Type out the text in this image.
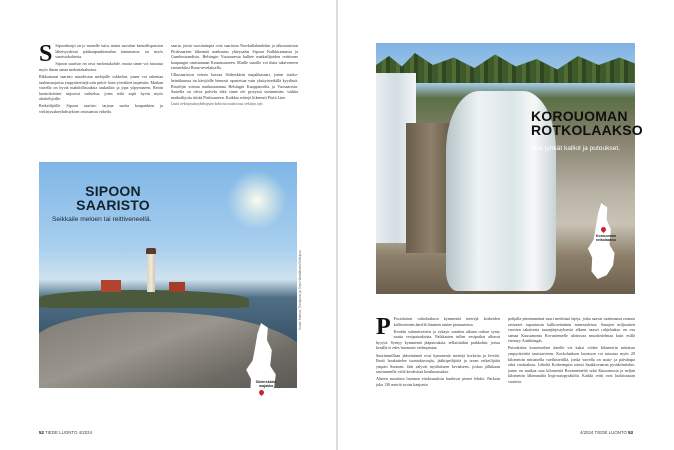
S Sipoonkorpi on jo monelle tuttu, mutta suositun kansallispuiston läheisyydessä pääkaupunkiseudun tuntumassa on myös saaristokohteita.

Sipoon saaristo on oiva melontakohde, mutta sinne voi tutustua myös ilman omaa melontakalustoa.

Bikkomaan saaristo muodostaa melojalle sokkelon, jonne voi rakentaa tuulensuojaisia ympyräreittejä niin päivä- kuin yöretkien tarpeisiin. Matkan varrella on hyviä mahdollisuuksia taukoihin ja jopa yöpymiseen. Reitin luontokohteet tarjoavat vaihtelua, joten retki sopii hyvin myös aloittelijoille.

Retkeilijöille Sipoon saaristo tarjoaa useita kaupunkien ja virkistysalueyhdistyksen omistamia virkeilu

saaria, joista suosituimpia ovat saariston Norrkullalandettin ja ulkosaariston Pirttisaareen liikennöi matkustus yhteysalus Sipoon Kalkkirannasta ja Gumbostrandista. Helsingin Vuosaaresta kulkee matkailijoiden reittivene kaupungin omistamaan Kaunissaareen. Muille saarille voi tilata taksiveneen esimerkiksi Bouz-sevelaksella.

Ulkosaariston veteen kasvaa Söderskärin majakkasaari, jonne tosiko- heinäkuussa on kävijöille hienosti opastettua vain yksityisretkillä kyydissä. Ristelijät voimia matkustaianna Helsingin Kauppatorilta ja Vuosaaresta. Saarella on oleva palvelu eikä sinne ole pystyssä useimmiten, vaikka matkailijoita riittää Pirttisaareen. Kaikkia reittejä liikennöi Pörtö Line.

Lisää virkistysalueyhdistysten kohteita osoitteessa virkistys.info

SIPOON SAARISTO
Seikkaile meloen tai reittiveneellä.
Söderskärin majakka
Kuvat: Markus Thompson ja Timo Hämäläinen/Visitsipoo
52 TIEDE LUONTO 4/2024
KOROUOMAN ROTKOLAAKSO
Näe jyhkät kalliot ja putoukset.
Korouoman rotkolaakso

P Posiolaisen rotkolaakson kymmeniä metrejä korkeiden kallioseinien äärellä ihminen tuntee pienuutensa.

Kevään sulamisvesien ja sykayn santtien aikaan rotkon synty saatta vesiputouksista. Paikkasten tullen vesiputkat alkavat hyytyä. Syntyy kymmeniä jääputouksia, sellaisiinkin paikkohin, joissa kesällä ei edes huomaisi vedenpintaa.

Suurimmillaan jääseinämät ovat kymmeniä metrejä korkeita ja leveitä. Ilmiö houkuttelee tuontokuvaajia, jääkiipeilijöitä ja tavan retkeilijöitä ympäri Suomen. Jäät sälyvät myöhäiseen kevääseen, joskus jälkikaan seuranneella vielä keväisissä kesäkuussakin.

Alueen suosituin luonnon ettokeasuksin kuuluvat pienet lehdot. Parkoin joka 130 metriä syvän kanjonin

pohjalla pienimmänsä suuri merkinsä lajeja, jotka saavat vaatimansa runsaat ravinteet rapautuvan kallioseinämin mineraaleista. Sanojen miljoonien vuosien takaisesta tuuanjärjestyksestä alkaen saaset ruhjelaakso on osa samaa Kuusamonta Rovaniemelle ulottuvaa muodostelmaa kuin esillä esiintyy Auttiköngäs.

Putoukisita kometroihen äärelle vie kaksi viiden kilometrin mittaista ympyräreittiä taurisarvieen. Korkolaakson luontoon voi tutustua myös 20 kilometrin mittaisella vaellusreitillä, jonka varrella on autio- ja päivätupa sekä vuokrakota. Läheltä Korkeimpiin toimii Saukkovaaran pysäköintialue, jonne on matkaa sata kilometriä Rovaniemeltä sekä Kuusamosta ja neljän kilometrin lähimmältä linja-autopysäkiltä. Kaikki reitit ovat luokitustaan vaativia.

4/2024 TIEDE LUONTO 53
